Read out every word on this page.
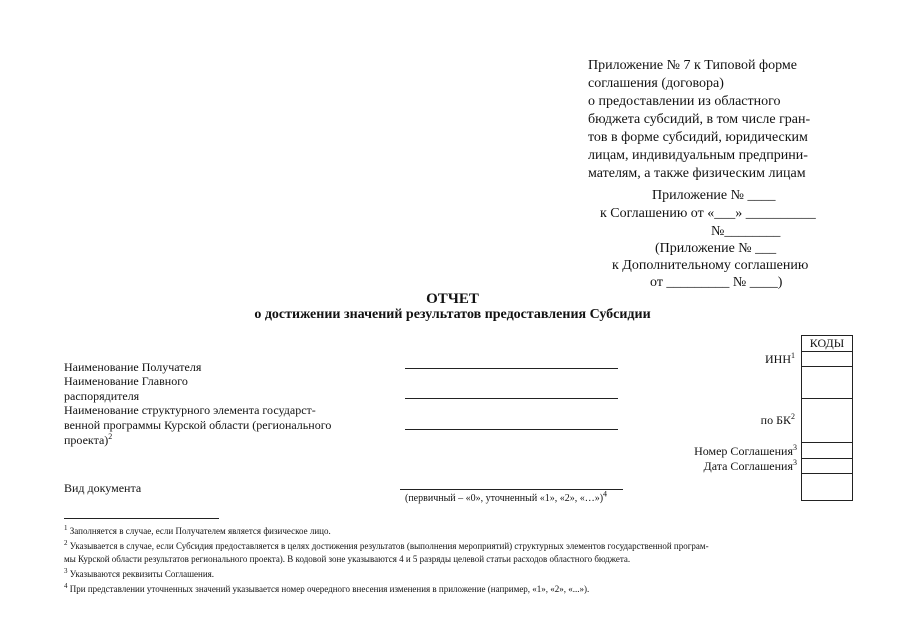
Приложение № 7 к Типовой форме
соглашения (договора)
о предоставлении из областного
бюджета субсидий, в том числе гран-
тов в форме субсидий, юридическим
лицам, индивидуальным предприни-
мателям, а также физическим лицам
Приложение № ____
к Соглашению от «___» __________
№________
(Приложение № ___
к Дополнительному соглашению
от _________ № ____)
ОТЧЕТ
о достижении значений результатов предоставления Субсидии
Наименование Получателя
Наименование Главного
распорядителя
Наименование структурного элемента государст-
венной программы Курской области (регионального
проекта)$^2$
Вид документа
(первичный – «0», уточненный «1», «2», «…»)$^4$
ИНН$^1$
по $БК^2$
Номер Соглашения$^3$
Дата Соглашения$^3$
КОДЫ
$^1$ Заполняется в случае, если Получателем является физическое лицо.
$^2$ Указывается в случае, если Субсидия предоставляется в целях достижения результатов (выполнения мероприятий) структурных элементов государственной програм-
мы Курской области результатов регионального проекта). В кодовой зоне указываются 4 и 5 разряды целевой статьи расходов областного бюджета.
$^3$ Указываются реквизиты Соглашения.
$^4$ При представлении уточненных значений указывается номер очередного внесения изменения в приложение (например, «1», «2», «...»).
